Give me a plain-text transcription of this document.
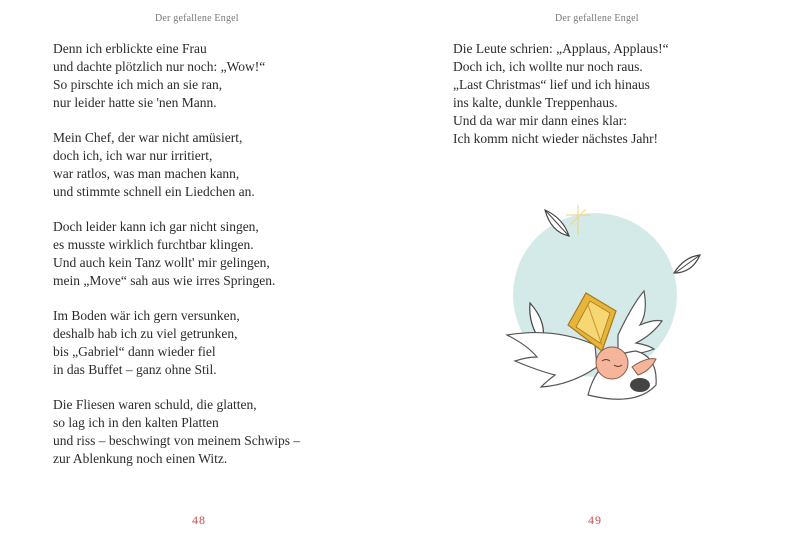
Der gefallene Engel
Denn ich erblickte eine Frau
und dachte plötzlich nur noch: „Wow!“
So pirschte ich mich an sie ran,
nur leider hatte sie 'nen Mann.
Mein Chef, der war nicht amüsiert,
doch ich, ich war nur irritiert,
war ratlos, was man machen kann,
und stimmte schnell ein Liedchen an.
Doch leider kann ich gar nicht singen,
es musste wirklich furchtbar klingen.
Und auch kein Tanz wollt' mir gelingen,
mein „Move“ sah aus wie irres Springen.
Im Boden wär ich gern versunken,
deshalb hab ich zu viel getrunken,
bis „Gabriel“ dann wieder fiel
in das Buffet – ganz ohne Stil.
Die Fliesen waren schuld, die glatten,
so lag ich in den kalten Platten
und riss – beschwingt von meinem Schwips –
zur Ablenkung noch einen Witz.
48
Der gefallene Engel
Die Leute schrien: „Applaus, Applaus!“
Doch ich, ich wollte nur noch raus.
„Last Christmas“ lief und ich hinaus
ins kalte, dunkle Treppenhaus.
Und da war mir dann eines klar:
Ich komm nicht wieder nächstes Jahr!
49
